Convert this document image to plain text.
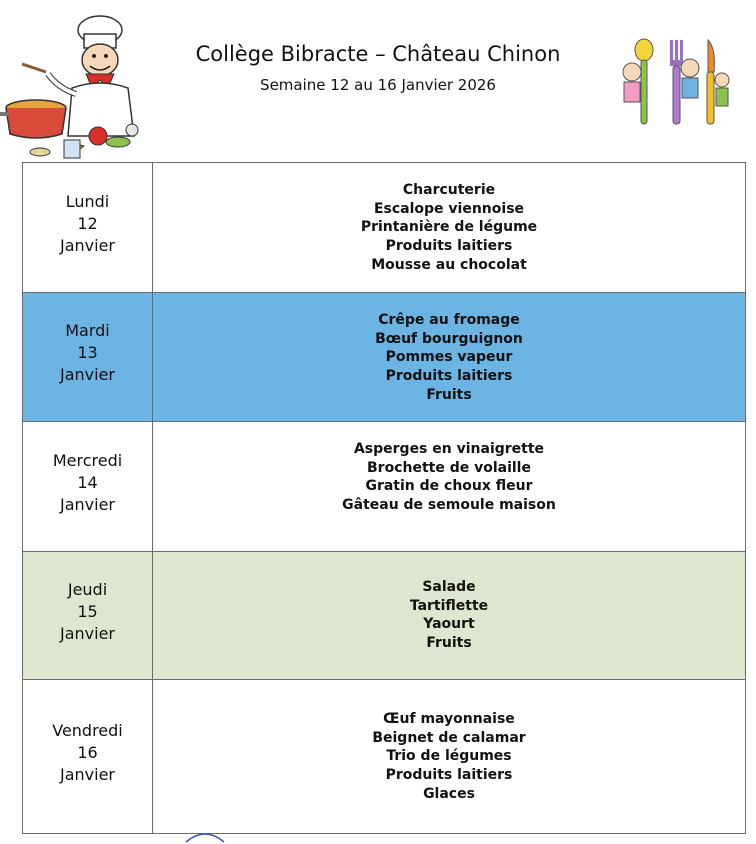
Collège Bibracte – Château Chinon
Semaine 12 au 16 Janvier 2026
Lundi
12
Janvier
Charcuterie
Escalope viennoise
Printanière de légume
Produits laitiers
Mousse au chocolat
Mardi
13
Janvier
Crêpe au fromage
Bœuf bourguignon
Pommes vapeur
Produits laitiers
Fruits
Mercredi
14
Janvier
Asperges en vinaigrette
Brochette de volaille
Gratin de choux fleur
Gâteau de semoule maison
Jeudi
15
Janvier
Salade
Tartiflette
Yaourt
Fruits
Vendredi
16
Janvier
Œuf mayonnaise
Beignet de calamar
Trio de légumes
Produits laitiers
Glaces
